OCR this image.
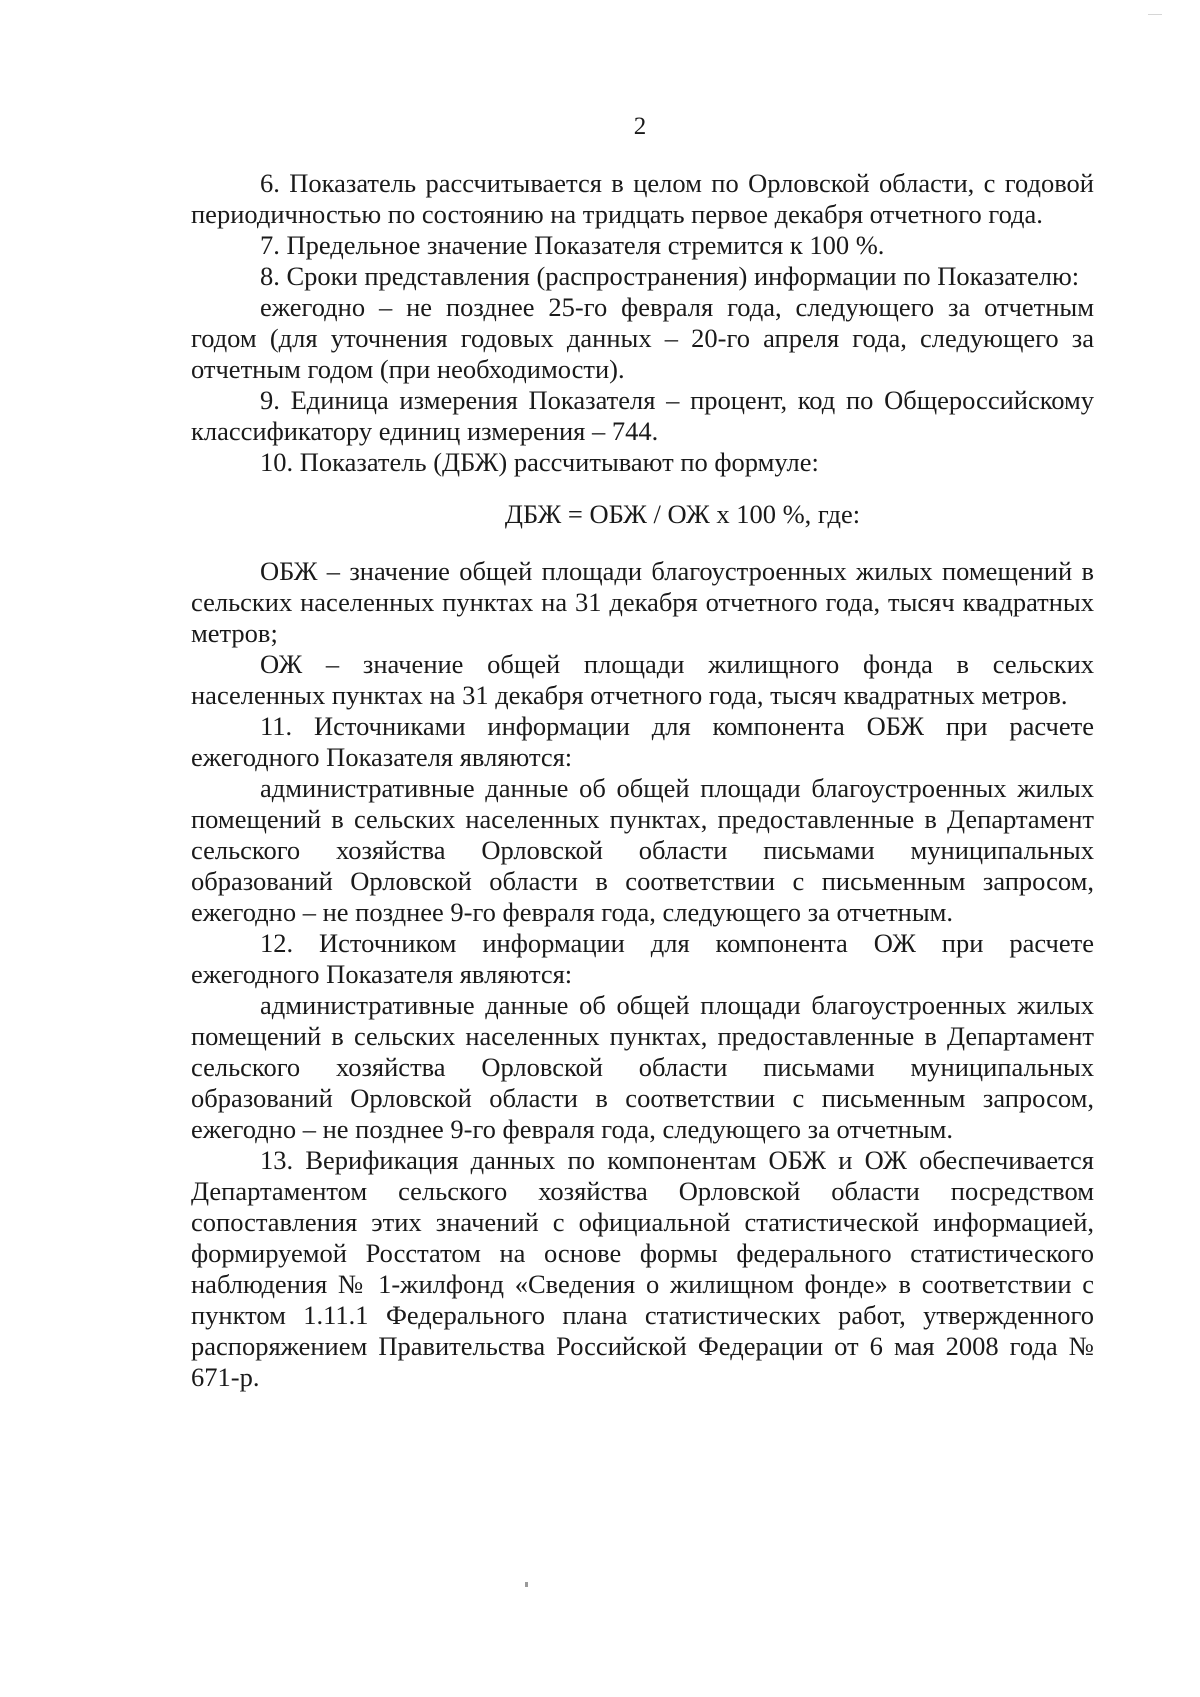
2

6. Показатель рассчитывается в целом по Орловской области, с годовой периодичностью по состоянию на тридцать первое декабря отчетного года.

7. Предельное значение Показателя стремится к 100 %.

8. Сроки представления (распространения) информации по Показателю:

ежегодно – не позднее 25-го февраля года, следующего за отчетным годом (для уточнения годовых данных – 20-го апреля года, следующего за отчетным годом (при необходимости).

9. Единица измерения Показателя – процент, код по Общероссийскому классификатору единиц измерения – 744.

10. Показатель (ДБЖ) рассчитывают по формуле:

ДБЖ = ОБЖ / ОЖ х 100 %, где:

ОБЖ – значение общей площади благоустроенных жилых помещений в сельских населенных пунктах на 31 декабря отчетного года, тысяч квадратных метров;

ОЖ – значение общей площади жилищного фонда в сельских населенных пунктах на 31 декабря отчетного года, тысяч квадратных метров.

11. Источниками информации для компонента ОБЖ при расчете ежегодного Показателя являются:

административные данные об общей площади благоустроенных жилых помещений в сельских населенных пунктах, предоставленные в Департамент сельского хозяйства Орловской области письмами муниципальных образований Орловской области в соответствии с письменным запросом, ежегодно – не позднее 9-го февраля года, следующего за отчетным.

12. Источником информации для компонента ОЖ при расчете ежегодного Показателя являются:

административные данные об общей площади благоустроенных жилых помещений в сельских населенных пунктах, предоставленные в Департамент сельского хозяйства Орловской области письмами муниципальных образований Орловской области в соответствии с письменным запросом, ежегодно – не позднее 9-го февраля года, следующего за отчетным.

13. Верификация данных по компонентам ОБЖ и ОЖ обеспечивается Департаментом сельского хозяйства Орловской области посредством сопоставления этих значений с официальной статистической информацией, формируемой Росстатом на основе формы федерального статистического наблюдения № 1-жилфонд «Сведения о жилищном фонде» в соответствии с пунктом 1.11.1 Федерального плана статистических работ, утвержденного распоряжением Правительства Российской Федерации от 6 мая 2008 года № 671-р.
